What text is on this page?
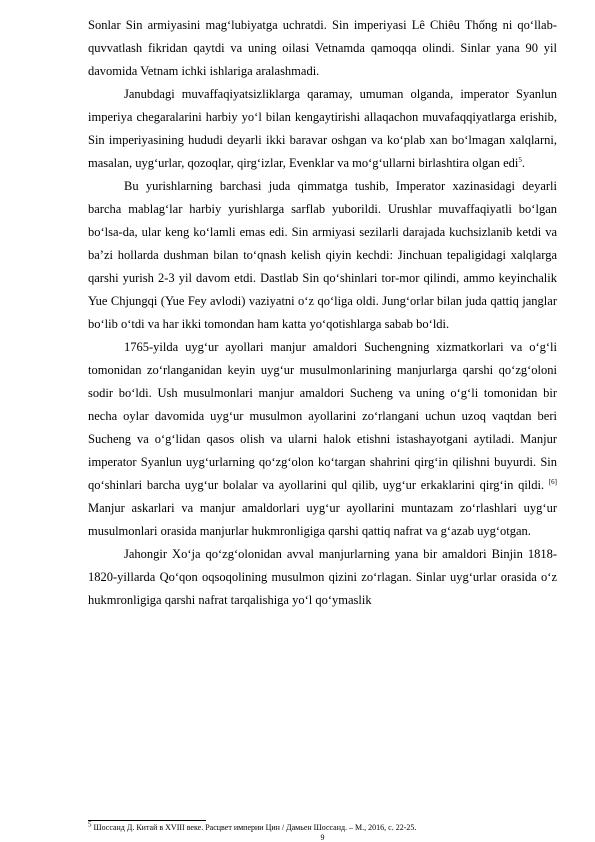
Sonlar Sin armiyasini mag‘lubiyatga uchratdi. Sin imperiyasi Lê Chiêu Thống ni qo‘llab-quvvatlash fikridan qaytdi va uning oilasi Vetnamda qamoqqa olindi. Sinlar yana 90 yil davomida Vetnam ichki ishlariga aralashmadi.

Janubdagi muvaffaqiyatsizliklarga qaramay, umuman olganda, imperator Syanlun imperiya chegaralarini harbiy yo‘l bilan kengaytirishi allaqachon muvafaqqiyatlarga erishib, Sin imperiyasining hududi deyarli ikki baravar oshgan va ko‘plab xan bo‘lmagan xalqlarni, masalan, uyg‘urlar, qozoqlar, qirg‘izlar, Evenklar va mo‘g‘ullarni birlashtira olgan edi$^5$.

Bu yurishlarning barchasi juda qimmatga tushib, Imperator xazinasidagi deyarli barcha mablag‘lar harbiy yurishlarga sarflab yuborildi. Urushlar muvaffaqiyatli bo‘lgan bo‘lsa-da, ular keng ko‘lamli emas edi. Sin armiyasi sezilarli darajada kuchsizlanib ketdi va ba’zi hollarda dushman bilan to‘qnash kelish qiyin kechdi: Jinchuan tepaligidagi xalqlarga qarshi yurish 2-3 yil davom etdi. Dastlab Sin qo‘shinlari tor-mor qilindi, ammo keyinchalik Yue Chjungqi (Yue Fey avlodi) vaziyatni o‘z qo‘liga oldi. Jung‘orlar bilan juda qattiq janglar bo‘lib o‘tdi va har ikki tomondan ham katta yo‘qotishlarga sabab bo‘ldi.

1765-yilda uyg‘ur ayollari manjur amaldori Suchengning xizmatkorlari va o‘g‘li tomonidan zo‘rlanganidan keyin uyg‘ur musulmonlarining manjurlarga qarshi qo‘zg‘oloni sodir bo‘ldi. Ush musulmonlari manjur amaldori Sucheng va uning o‘g‘li tomonidan bir necha oylar davomida uyg‘ur musulmon ayollarini zo‘rlangani uchun uzoq vaqtdan beri Sucheng va o‘g‘lidan qasos olish va ularni halok etishni istashayotgani aytiladi. Manjur imperator Syanlun uyg‘urlarning qo‘zg‘olon ko‘targan shahrini qirg‘in qilishni buyurdi. Sin qo‘shinlari barcha uyg‘ur bolalar va ayollarini qul qilib, uyg‘ur erkaklarini qirg‘in qildi. [6] Manjur askarlari va manjur amaldorlari uyg‘ur ayollarini muntazam zo‘rlashlari uyg‘ur musulmonlari orasida manjurlar hukmronligiga qarshi qattiq nafrat va g‘azab uyg‘otgan.

Jahongir Xo‘ja qo‘zg‘olonidan avval manjurlarning yana bir amaldori Binjin 1818-1820-yillarda Qo‘qon oqsoqolining musulmon qizini zo‘rlagan. Sinlar uyg‘urlar orasida o‘z hukmronligiga qarshi nafrat tarqalishiga yo‘l qo‘ymaslik

$^5$ Шоссанд Д. Китай в XVIII веке. Расцвет империи Цин / Дамьен Шоссанд. – М., 2016, с. 22-25.
9
